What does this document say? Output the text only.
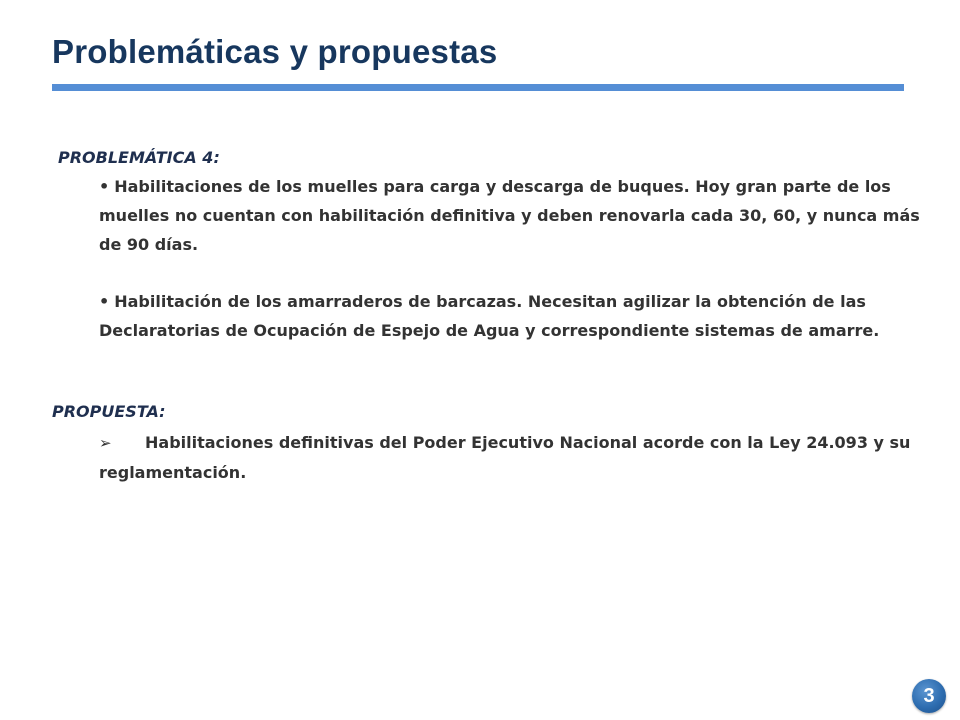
Problemáticas y propuestas
PROBLEMÁTICA 4:
• Habilitaciones de los muelles para carga y descarga de buques. Hoy gran parte de los muelles no cuentan con habilitación definitiva y deben renovarla cada 30, 60, y nunca más de 90 días.
• Habilitación de los amarraderos de barcazas. Necesitan agilizar la obtención de las Declaratorias de Ocupación de Espejo de Agua y correspondiente sistemas de amarre.
PROPUESTA:
➢ Habilitaciones definitivas del Poder Ejecutivo Nacional acorde con la Ley 24.093 y su reglamentación.
3
